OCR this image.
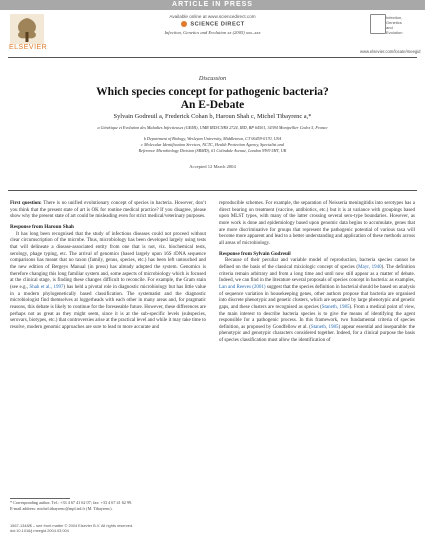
ARTICLE IN PRESS
ELSEVIER
Available online at www.sciencedirect.com
SCIENCE DIRECT
Infection, Genetics and Evolution xx (2005) xxx–xxx
Infection,
Genetics
and
Evolution
www.elsevier.com/locate/meegid
Discussion
Which species concept for pathogenic bacteria?
An E-Debate
Sylvain Godreuil a, Frederick Cohan b, Haroun Shah c, Michel Tibayrenc a,*
a Génétique et Evolution des Maladies Infectieuses (GEMI), UMR IRD/CNRS 2724, IRD, BP 64501, 34394 Montpellier Cedex 5, France
b Department of Biology, Wesleyan University, Middletown, CT 06459-0170, USA
c Molecular Identification Services, NCTC, Health Protection Agency, Specialist and
Reference Microbiology Division (SRMD), 61 Colindale Avenue, London NW9 5HT, UK
Accepted 12 March 2004

First question: There is no unified evolutionary concept of species in bacteria. However, don’t you think that the present state of art is OK for routine medical practice? If you disagree, please show why the present state of art could be misleading even for strict medical/veterinary purposes.

Response from Haroun Shah

It has long been recognised that the study of infectious diseases could not proceed without clear circumscription of the microbe. Thus, microbiology has been developed largely using tests that will delineate a disease-associated entity from one that is not, viz. biochemical tests, serology, phage typing, etc. The arrival of genomics (based largely upon 16S rDNA sequence comparisons has meant that no taxon (family, genus, species, etc.) has been left untouched and the new edition of Bergeys Manual (in press) has already adopted the system. Genomics is therefore changing this long familiar system and, some aspects of microbiology which is focused at the clinical stage, is finding these changes difficult to reconcile. For example, the Gram stain (see e.g., Shah et al., 1997) has held a pivotal role in diagnostic microbiology but has little value in a modern phylogenetically based classification. The systematist and the diagnostic microbiologist find themselves at loggerheads with each other in many areas and, for pragmatic reasons, this debate is likely to continue for the foreseeable future. However, these differences are perhaps not as great as they might seem, since it is at the sub-specific levels (subspecies, serovars, biotypes, etc.) that controversies arise at the practical level and while it may take time to resolve, modern genomic approaches are sure to lead to more accurate and

reproducible schemes. For example, the separation of Neisseria meningitidis into serotypes has a direct bearing on treatment (vaccine, antibiotics, etc.) but it is at variance with groupings based upon MLST types, with many of the latter crossing several sero-type boundaries. However, as more work is done and epidemiology based upon genomic data begins to accumulate, genes that are more discriminative for groups that represent the pathogenic potential of various taxa will become more apparent and lead to a better understanding and application of these methods across all areas of microbiology.

Response from Sylvain Godreuil

Because of their peculiar and variable model of reproduction, bacteria species cannot be defined on the basis of the classical mixiologic concept of species (Mayr, 1940). The definition criteria remain arbitrary and from a long time and until now still appear as a matter of debate. Indeed, we can find in the literature several proposals of species concept in bacteria: as examples, Lan and Reeves (2001) suggest that the species definition in bacterial should be based on analysis of sequence variation in housekeeping genes, other authors propose that bacteria are organised into discrete phenotypic and genetic clusters, which are separated by large phenotypic and genetic gaps, and these clusters are recognised as species (Staneth, 1985). From a medical point of view, the main interest to describe bacteria species is to give the means of identifying the agent responsible for a pathogenic process. In this framework, two fundamental criteria of species definition, as proposed by Goodfellow et al. (Staneth, 1985) appear essential and inseparable: the phenotypic and genotypic characters considered together. Indeed, for a clinical purpose the basis of species classification must allow the identification of

* Corresponding author. Tel.: +33 4 67 41 62 07; fax: +33 4 67 41 62 99.
E-mail address: michel.tibayrenc@mpl.ird.fr (M. Tibayrenc).
1567-1348/$ – see front matter © 2004 Elsevier B.V. All rights reserved.
doi:10.1016/j.meegid.2004.03.004
